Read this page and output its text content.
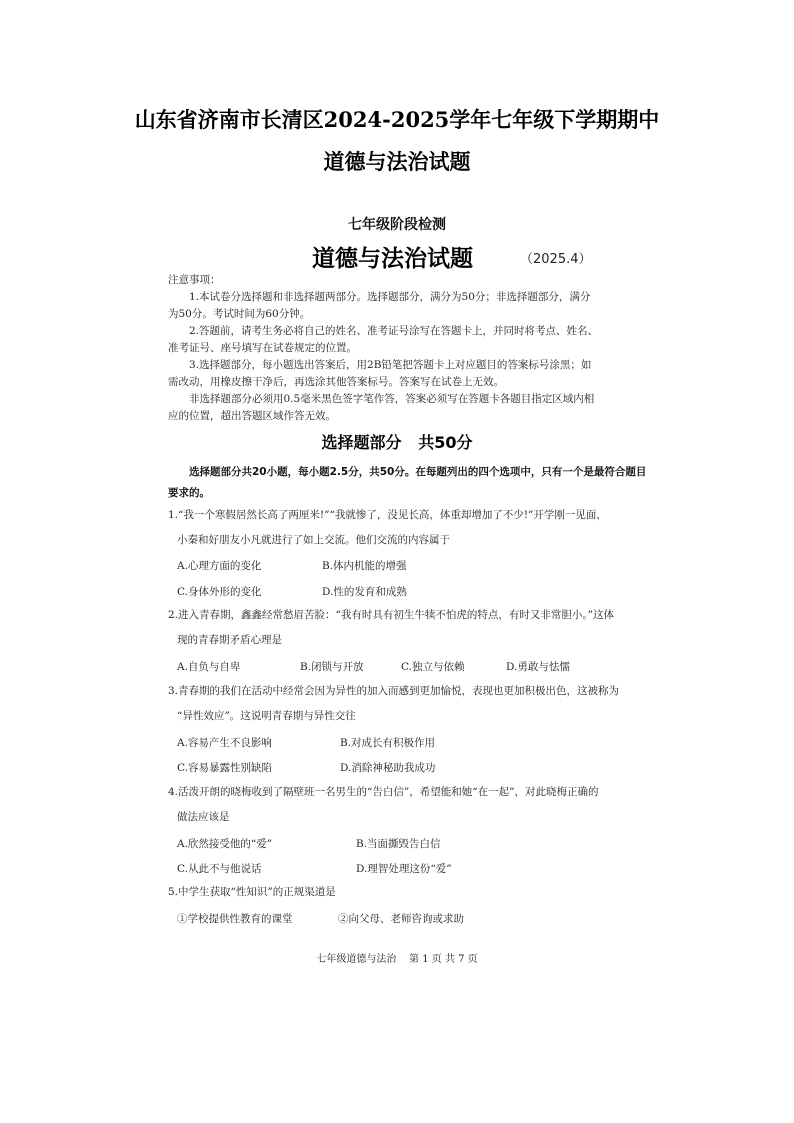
山东省济南市长清区2024-2025学年七年级下学期期中
道德与法治试题
七年级阶段检测
道德与法治试题	（2025.4）
注意事项：
1.本试卷分选择题和非选择题两部分。选择题部分，满分为50分；非选择题部分，满分
为50分。考试时间为60分钟。
2.答题前，请考生务必将自己的姓名、准考证号涂写在答题卡上，并同时将考点、姓名、
准考证号、座号填写在试卷规定的位置。
3.选择题部分，每小题选出答案后，用2B铅笔把答题卡上对应题目的答案标号涂黑；如
需改动，用橡皮擦干净后，再选涂其他答案标号。答案写在试卷上无效。
非选择题部分必须用0.5毫米黑色签字笔作答，答案必须写在答题卡各题目指定区域内相
应的位置，超出答题区域作答无效。
选择题部分   共50分
选择题部分共20小题，每小题2.5分，共50分。在每题列出的四个选项中，只有一个是最符合题目要求的。
1.“我一个寒假居然长高了两厘米!”“我就惨了，没见长高，体重却增加了不少!”开学刚一见面，
小秦和好朋友小凡就进行了如上交流。他们交流的内容属于
A.心理方面的变化	B.体内机能的增强
C.身体外形的变化	D.性的发育和成熟
2.进入青春期，鑫鑫经常愁眉苦脸：“我有时具有初生牛犊不怕虎的特点，有时又非常胆小。”这体
现的青春期矛盾心理是
A.自负与自卑	B.闭锁与开放	C.独立与依赖	D.勇敢与怯懦
3.青春期的我们在活动中经常会因为异性的加入而感到更加愉悦，表现也更加积极出色，这被称为
“异性效应”。这说明青春期与异性交往
A.容易产生不良影响	B.对成长有积极作用
C.容易暴露性别缺陷	D.消除神秘助我成功
4.活泼开朗的晓梅收到了隔壁班一名男生的“告白信”，希望能和她“在一起”，对此晓梅正确的
做法应该是
A.欣然接受他的“爱”	B.当面撕毁告白信
C.从此不与他说话	D.理智处理这份“爱”
5.中学生获取“性知识”的正规渠道是
①学校提供性教育的课堂	②向父母、老师咨询或求助
七年级道德与法治    第 1 页 共 7 页
